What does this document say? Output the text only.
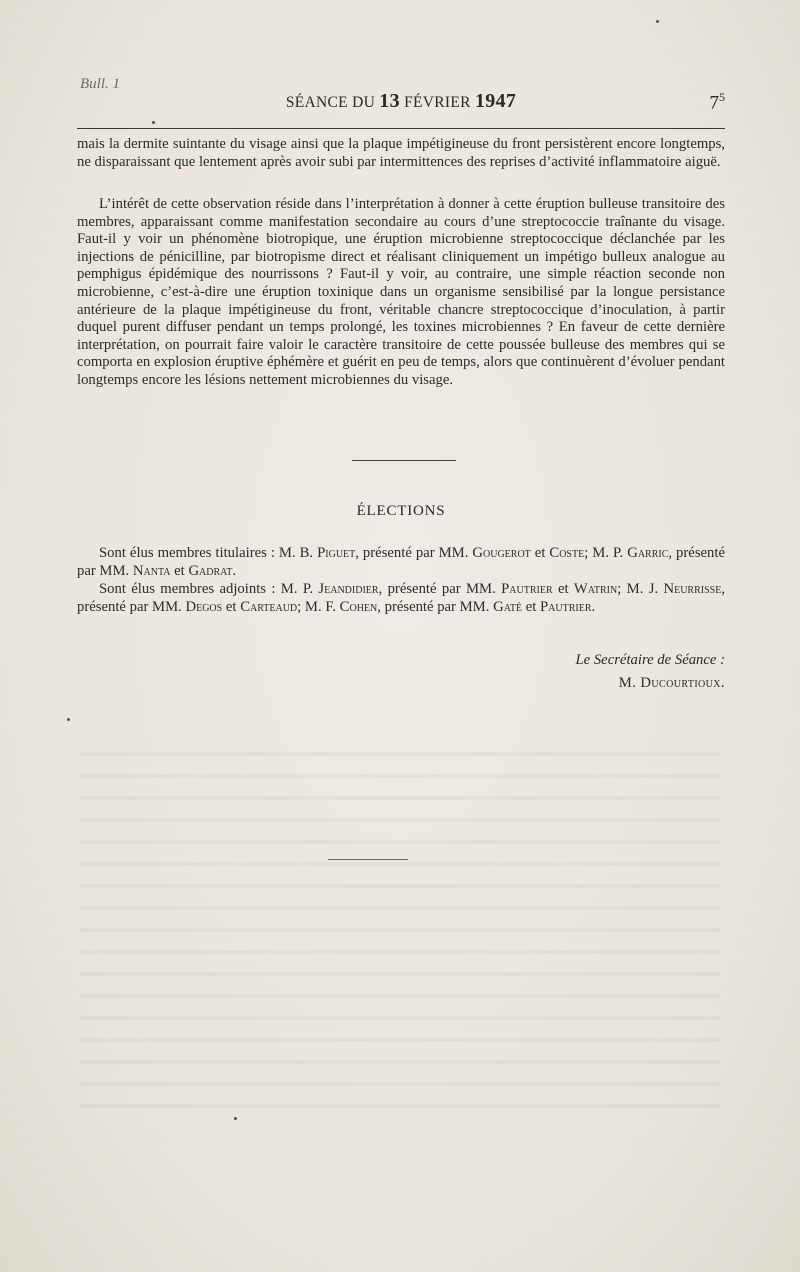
Bull. 1
SÉANCE DU 13 FÉVRIER 1947	$7^5$
mais la dermite suintante du visage ainsi que la plaque impétigineuse du front persistèrent encore longtemps, ne disparaissant que lentement après avoir subi par intermittences des reprises d’activité inflammatoire aiguë.
L’intérêt de cette observation réside dans l’interprétation à donner à cette éruption bulleuse transitoire des membres, apparaissant comme manifestation secondaire au cours d’une streptococcie traînante du visage. Faut-il y voir un phénomène biotropique, une éruption microbienne streptococcique déclanchée par les injections de pénicilline, par biotropisme direct et réalisant cliniquement un impétigo bulleux analogue au pemphigus épidémique des nourrissons ? Faut-il y voir, au contraire, une simple réaction seconde non microbienne, c’est-à-dire une éruption toxinique dans un organisme sensibilisé par la longue persistance antérieure de la plaque impétigineuse du front, véritable chancre streptococcique d’inoculation, à partir duquel purent diffuser pendant un temps prolongé, les toxines microbiennes ? En faveur de cette dernière interprétation, on pourrait faire valoir le caractère transitoire de cette poussée bulleuse des membres qui se comporta en explosion éruptive éphémère et guérit en peu de temps, alors que continuèrent d’évoluer pendant longtemps encore les lésions nettement microbiennes du visage.
ÉLECTIONS
Sont élus membres titulaires : M. B. Piguet, présenté par MM. Gougerot et Coste; M. P. Garric, présenté par MM. Nanta et Gadrat.
Sont élus membres adjoints : M. P. Jeandidier, présenté par MM. Pautrier et Watrin; M. J. Neurrisse, présenté par MM. Degos et Carteaud; M. F. Cohen, présenté par MM. Gaté et Pautrier.
Le Secrétaire de Séance :
M. Ducourtioux.
